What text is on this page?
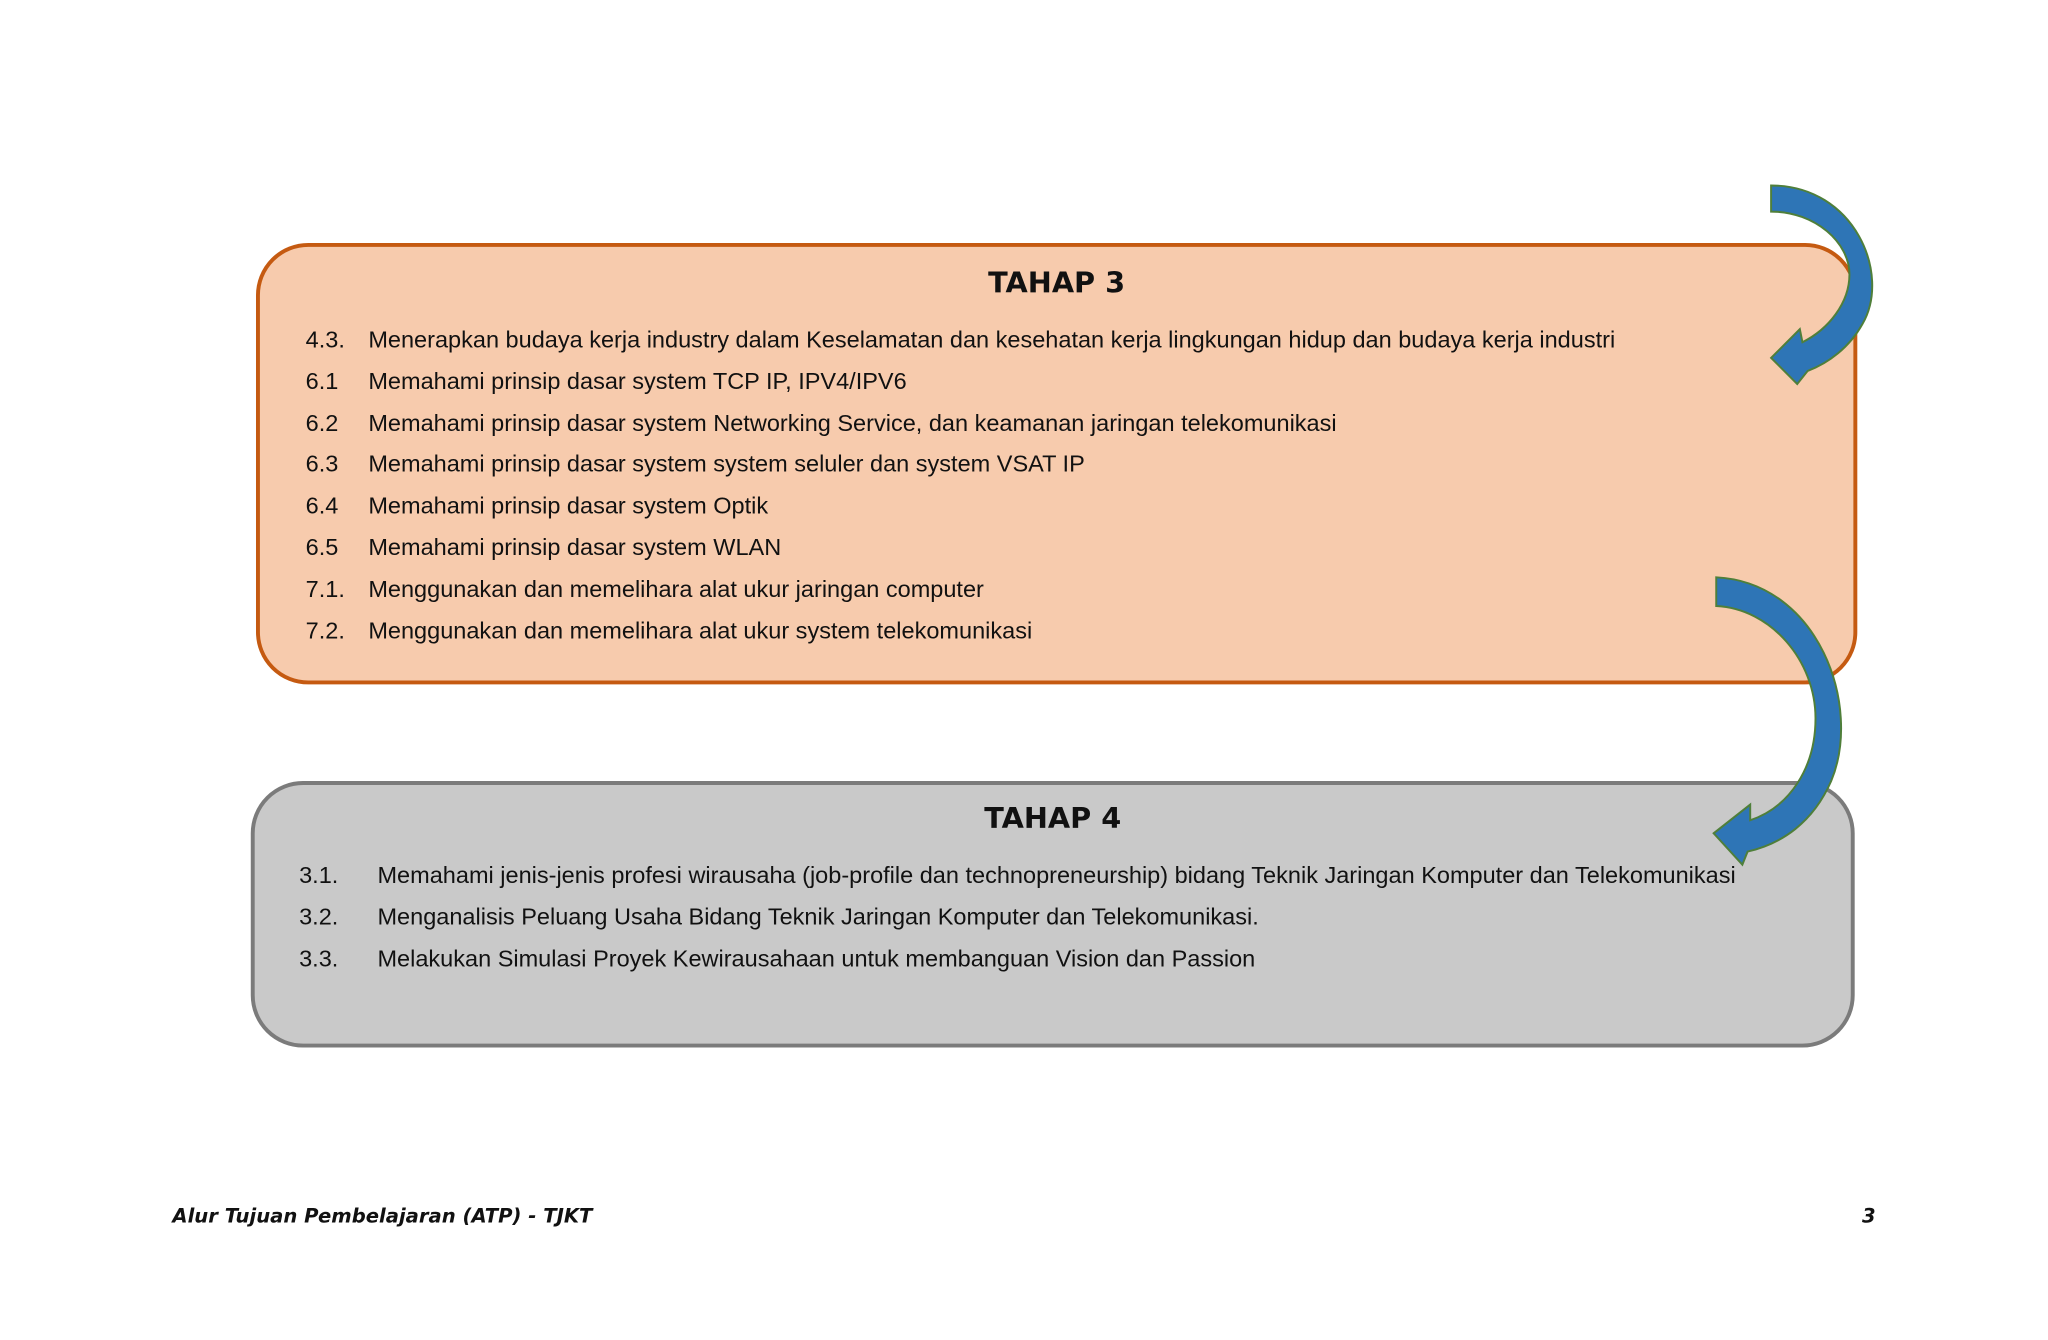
TAHAP 3
4.3. Menerapkan budaya kerja industry dalam Keselamatan dan kesehatan kerja lingkungan hidup dan budaya kerja industri
6.1 Memahami prinsip dasar system TCP IP, IPV4/IPV6
6.2 Memahami prinsip dasar system Networking Service, dan keamanan jaringan telekomunikasi
6.3 Memahami prinsip dasar system system seluler dan system VSAT IP
6.4 Memahami prinsip dasar system Optik
6.5 Memahami prinsip dasar system WLAN
7.1. Menggunakan dan memelihara alat ukur jaringan computer
7.2. Menggunakan dan memelihara alat ukur system telekomunikasi
TAHAP 4
3.1. Memahami jenis-jenis profesi wirausaha (job-profile dan technopreneurship) bidang Teknik Jaringan Komputer dan Telekomunikasi
3.2. Menganalisis Peluang Usaha Bidang Teknik Jaringan Komputer dan Telekomunikasi.
3.3. Melakukan Simulasi Proyek Kewirausahaan untuk membanguan Vision dan Passion
Alur Tujuan Pembelajaran (ATP) - TJKT	3
